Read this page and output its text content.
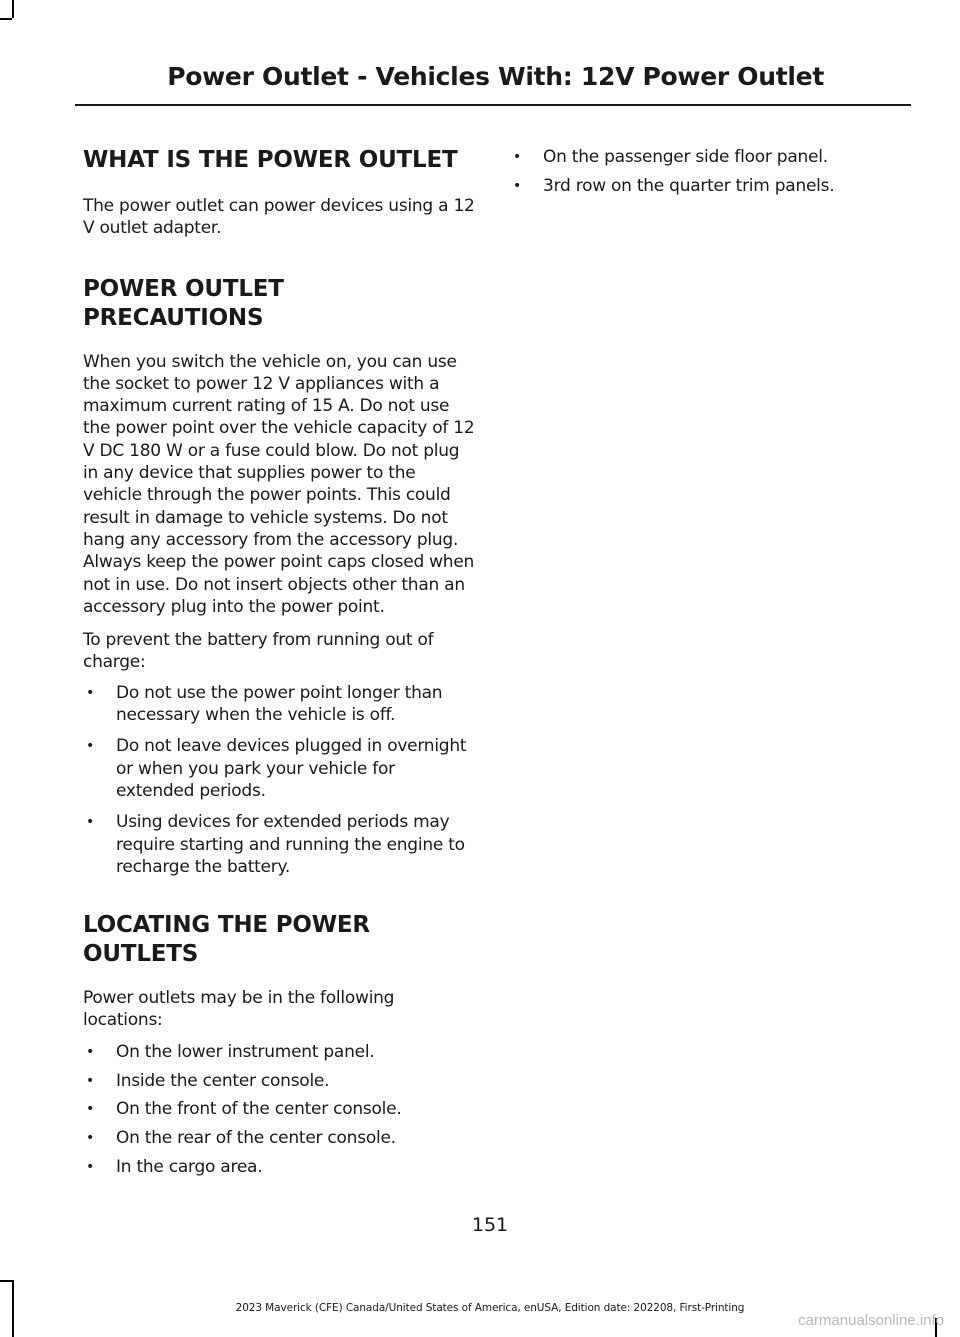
Power Outlet - Vehicles With: 12V Power Outlet
WHAT IS THE POWER OUTLET

The power outlet can power devices using a 12 V outlet adapter.

POWER OUTLET
PRECAUTIONS

When you switch the vehicle on, you can use the socket to power 12 V appliances with a maximum current rating of 15 A. Do not use the power point over the vehicle capacity of 12 V DC 180 W or a fuse could blow. Do not plug in any device that supplies power to the vehicle through the power points. This could result in damage to vehicle systems. Do not hang any accessory from the accessory plug. Always keep the power point caps closed when not in use. Do not insert objects other than an accessory plug into the power point.

To prevent the battery from running out of charge:

• Do not use the power point longer than necessary when the vehicle is off.
• Do not leave devices plugged in overnight or when you park your vehicle for extended periods.
• Using devices for extended periods may require starting and running the engine to recharge the battery.
LOCATING THE POWER
OUTLETS

Power outlets may be in the following locations:

• On the lower instrument panel.
• Inside the center console.
• On the front of the center console.
• On the rear of the center console.
• In the cargo area.
• On the passenger side floor panel.
• 3rd row on the quarter trim panels.
151
2023 Maverick (CFE) Canada/United States of America, enUSA, Edition date: 202208, First-Printing
carmanualsonline.info
